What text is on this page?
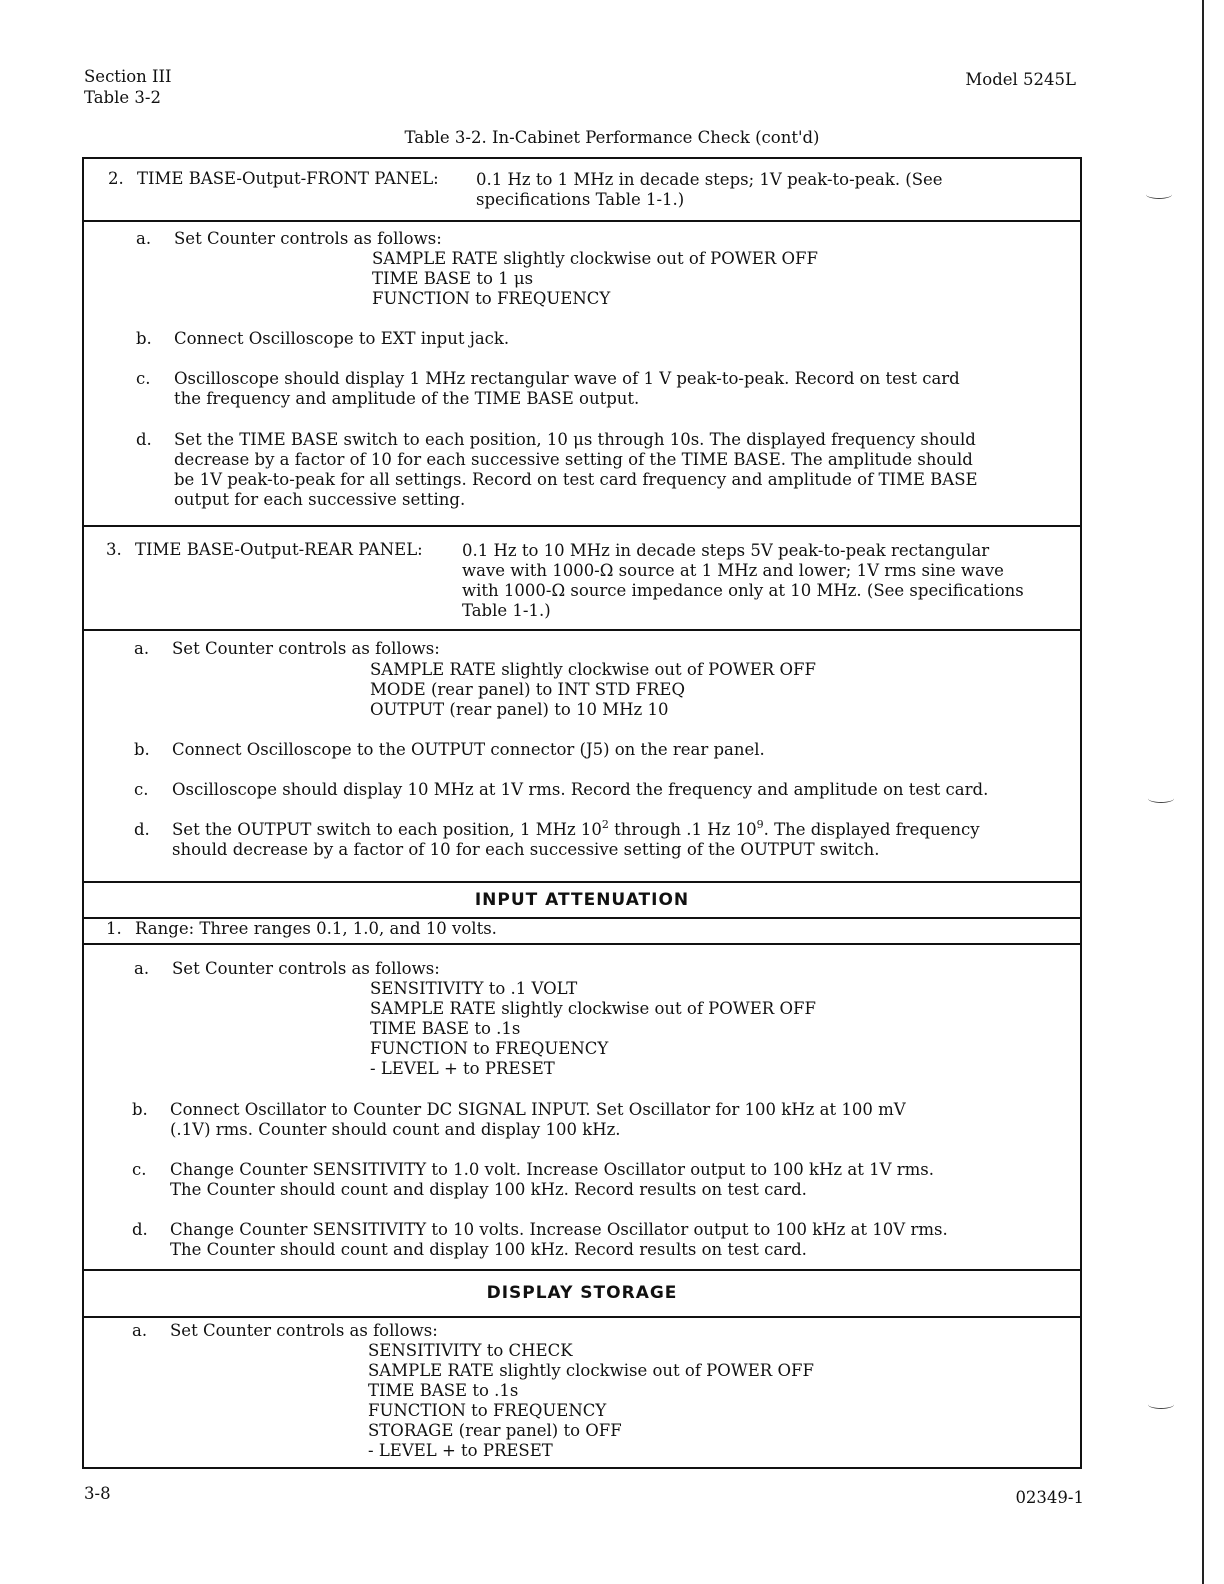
Section III
Table 3-2
Model 5245L
Table 3-2. In-Cabinet Performance Check (cont'd)
2. TIME BASE-Output-FRONT PANEL: 0.1 Hz to 1 MHz in decade steps; 1V peak-to-peak. (See
specifications Table 1-1.)
a. Set Counter controls as follows:
SAMPLE RATE slightly clockwise out of POWER OFF
TIME BASE to 1 μs
FUNCTION to FREQUENCY
b. Connect Oscilloscope to EXT input jack.
c. Oscilloscope should display 1 MHz rectangular wave of 1 V peak-to-peak. Record on test card
the frequency and amplitude of the TIME BASE output.
d. Set the TIME BASE switch to each position, 10 μs through 10s. The displayed frequency should
decrease by a factor of 10 for each successive setting of the TIME BASE. The amplitude should
be 1V peak-to-peak for all settings. Record on test card frequency and amplitude of TIME BASE
output for each successive setting.
3. TIME BASE-Output-REAR PANEL: 0.1 Hz to 10 MHz in decade steps 5V peak-to-peak rectangular
wave with 1000-Ω source at 1 MHz and lower; 1V rms sine wave
with 1000-Ω source impedance only at 10 MHz. (See specifications
Table 1-1.)
a. Set Counter controls as follows:
SAMPLE RATE slightly clockwise out of POWER OFF
MODE (rear panel) to INT STD FREQ
OUTPUT (rear panel) to 10 MHz 10
b. Connect Oscilloscope to the OUTPUT connector (J5) on the rear panel.
c. Oscilloscope should display 10 MHz at 1V rms. Record the frequency and amplitude on test card.
d. Set the OUTPUT switch to each position, 1 MHz $10^2$ through .1 Hz $10^9$. The displayed frequency
should decrease by a factor of 10 for each successive setting of the OUTPUT switch.
INPUT ATTENUATION
1. Range: Three ranges 0.1, 1.0, and 10 volts.
a. Set Counter controls as follows:
SENSITIVITY to .1 VOLT
SAMPLE RATE slightly clockwise out of POWER OFF
TIME BASE to .1s
FUNCTION to FREQUENCY
- LEVEL + to PRESET
b. Connect Oscillator to Counter DC SIGNAL INPUT. Set Oscillator for 100 kHz at 100 mV
(.1V) rms. Counter should count and display 100 kHz.
c. Change Counter SENSITIVITY to 1.0 volt. Increase Oscillator output to 100 kHz at 1V rms.
The Counter should count and display 100 kHz. Record results on test card.
d. Change Counter SENSITIVITY to 10 volts. Increase Oscillator output to 100 kHz at 10V rms.
The Counter should count and display 100 kHz. Record results on test card.
DISPLAY STORAGE
a. Set Counter controls as follows:
SENSITIVITY to CHECK
SAMPLE RATE slightly clockwise out of POWER OFF
TIME BASE to .1s
FUNCTION to FREQUENCY
STORAGE (rear panel) to OFF
- LEVEL + to PRESET
3-8	02349-1
